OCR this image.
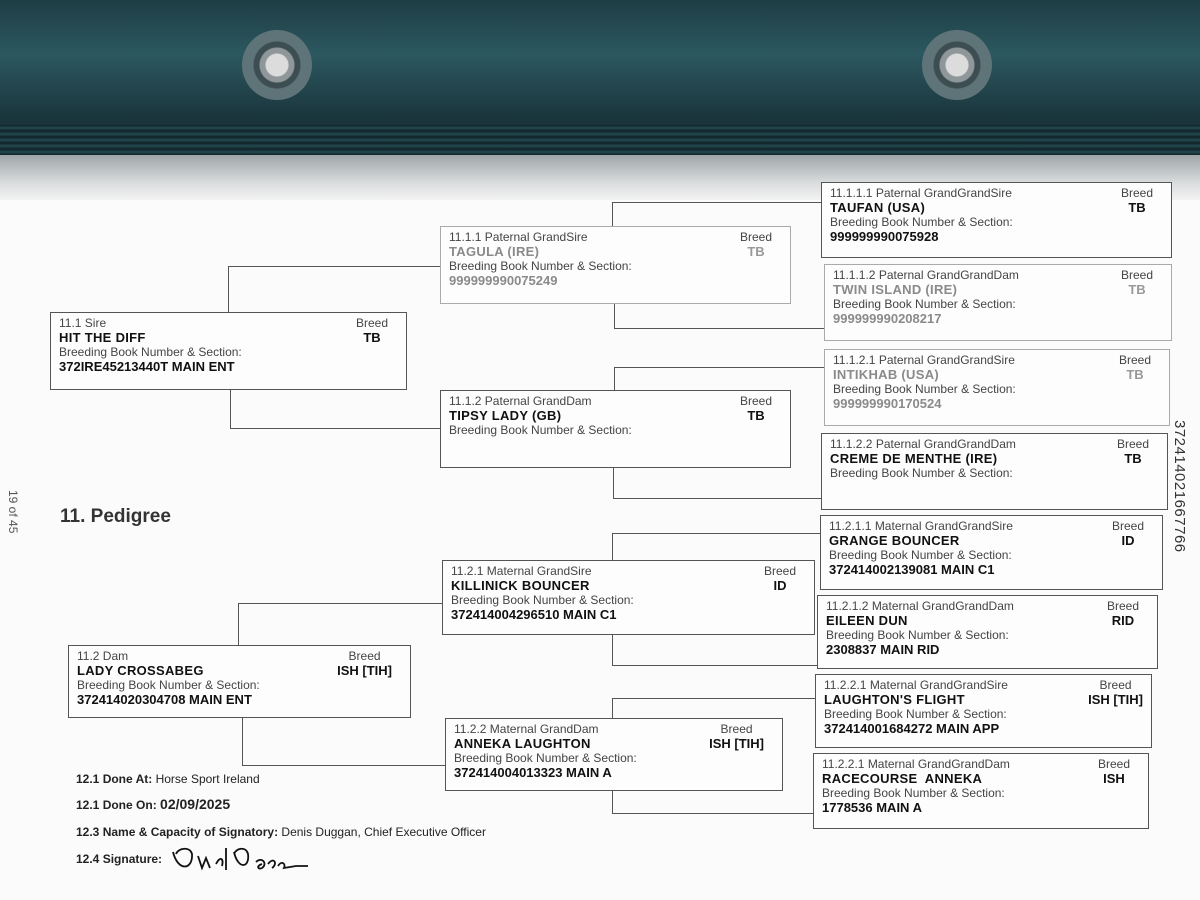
19 of 45	372414021667766
11. Pedigree
11.1 Sire
HIT THE DIFF
Breeding Book Number & Section:
372IRE45213440T MAIN ENT
Breed
TB
11.2 Dam
LADY CROSSABEG
Breeding Book Number & Section:
372414020304708 MAIN ENT
Breed
ISH [TIH]
11.1.1 Paternal GrandSire
TAGULA (IRE)
Breeding Book Number & Section:
999999990075249
Breed
TB
11.1.2 Paternal GrandDam
TIPSY LADY (GB)
Breeding Book Number & Section:
Breed
TB
11.2.1 Maternal GrandSire
KILLINICK BOUNCER
Breeding Book Number & Section:
372414004296510 MAIN C1
Breed
ID
11.2.2 Maternal GrandDam
ANNEKA LAUGHTON
Breeding Book Number & Section:
372414004013323 MAIN A
Breed
ISH [TIH]
11.1.1.1 Paternal GrandGrandSire
TAUFAN (USA)
Breeding Book Number & Section:
999999990075928
Breed
TB
11.1.1.2 Paternal GrandGrandDam
TWIN ISLAND (IRE)
Breeding Book Number & Section:
999999990208217
Breed
TB
11.1.2.1 Paternal GrandGrandSire
INTIKHAB (USA)
Breeding Book Number & Section:
999999990170524
Breed
TB
11.1.2.2 Paternal GrandGrandDam
CREME DE MENTHE (IRE)
Breeding Book Number & Section:
Breed
TB
11.2.1.1 Maternal GrandGrandSire
GRANGE BOUNCER
Breeding Book Number & Section:
372414002139081 MAIN C1
Breed
ID
11.2.1.2 Maternal GrandGrandDam
EILEEN DUN
Breeding Book Number & Section:
2308837 MAIN RID
Breed
RID
11.2.2.1 Maternal GrandGrandSire
LAUGHTON'S FLIGHT
Breeding Book Number & Section:
372414001684272 MAIN APP
Breed
ISH [TIH]
11.2.2.1 Maternal GrandGrandDam
RACECOURSE  ANNEKA
Breeding Book Number & Section:
1778536 MAIN A
Breed
ISH
12.1 Done At: Horse Sport Ireland
12.1 Done On: 02/09/2025
12.3 Name & Capacity of Signatory: Denis Duggan, Chief Executive Officer
12.4 Signature:
